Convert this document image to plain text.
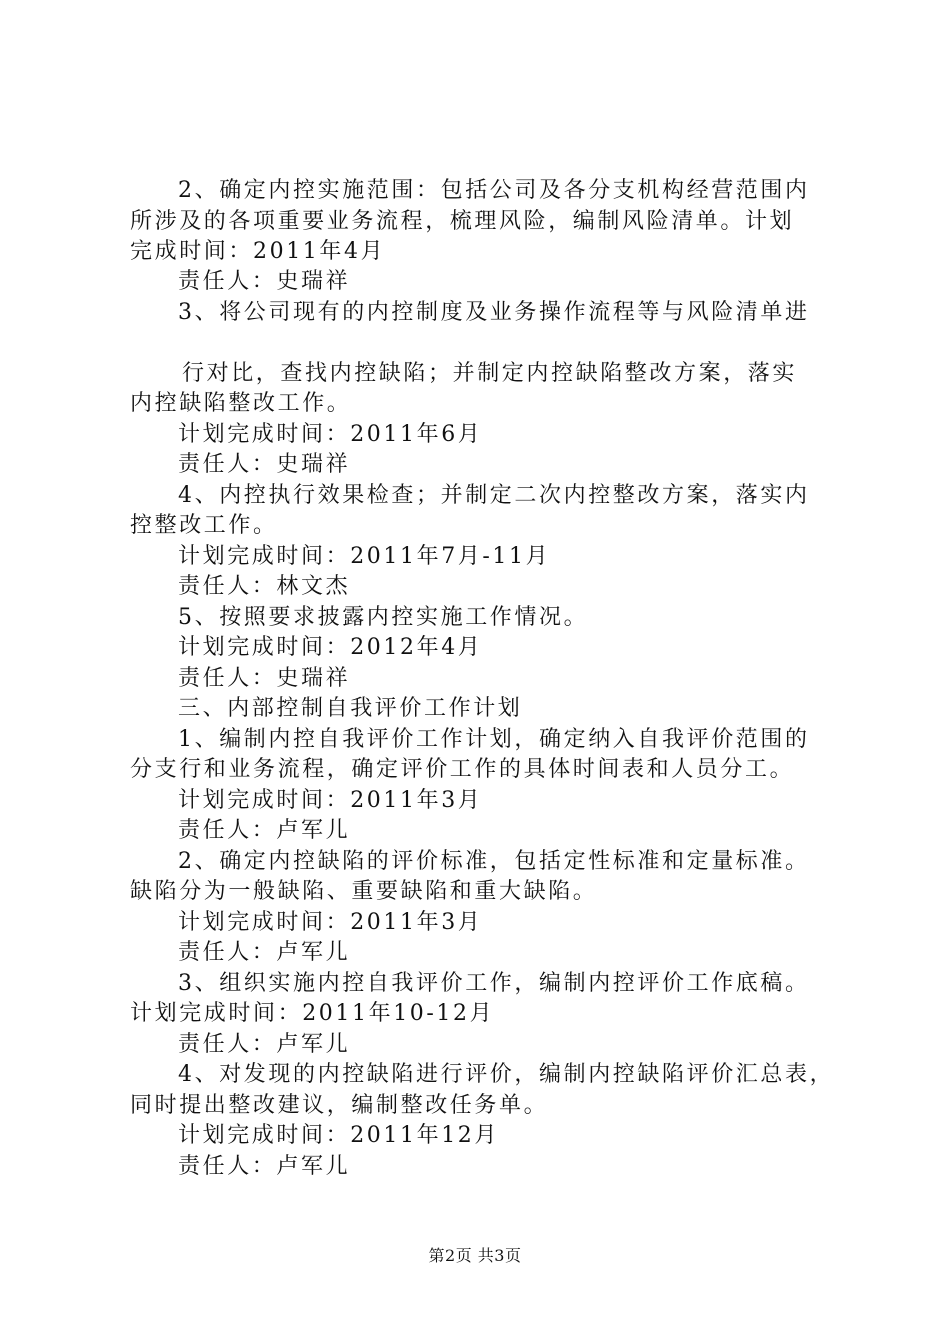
2、确定内控实施范围：包括公司及各分支机构经营范围内
所涉及的各项重要业务流程，梳理风险，编制风险清单。计划
完成时间：2011年4月
责任人：史瑞祥
3、将公司现有的内控制度及业务操作流程等与风险清单进
行对比，查找内控缺陷；并制定内控缺陷整改方案，落实
内控缺陷整改工作。
计划完成时间：2011年6月
责任人：史瑞祥
4、内控执行效果检查；并制定二次内控整改方案，落实内
控整改工作。
计划完成时间：2011年7月-11月
责任人：林文杰
5、按照要求披露内控实施工作情况。
计划完成时间：2012年4月
责任人：史瑞祥
三、内部控制自我评价工作计划
1、编制内控自我评价工作计划，确定纳入自我评价范围的
分支行和业务流程，确定评价工作的具体时间表和人员分工。
计划完成时间：2011年3月
责任人：卢军儿
2、确定内控缺陷的评价标准，包括定性标准和定量标准。
缺陷分为一般缺陷、重要缺陷和重大缺陷。
计划完成时间：2011年3月
责任人：卢军儿
3、组织实施内控自我评价工作，编制内控评价工作底稿。
计划完成时间：2011年10-12月
责任人：卢军儿
4、对发现的内控缺陷进行评价，编制内控缺陷评价汇总表，
同时提出整改建议，编制整改任务单。
计划完成时间：2011年12月
责任人：卢军儿
第2页 共3页
